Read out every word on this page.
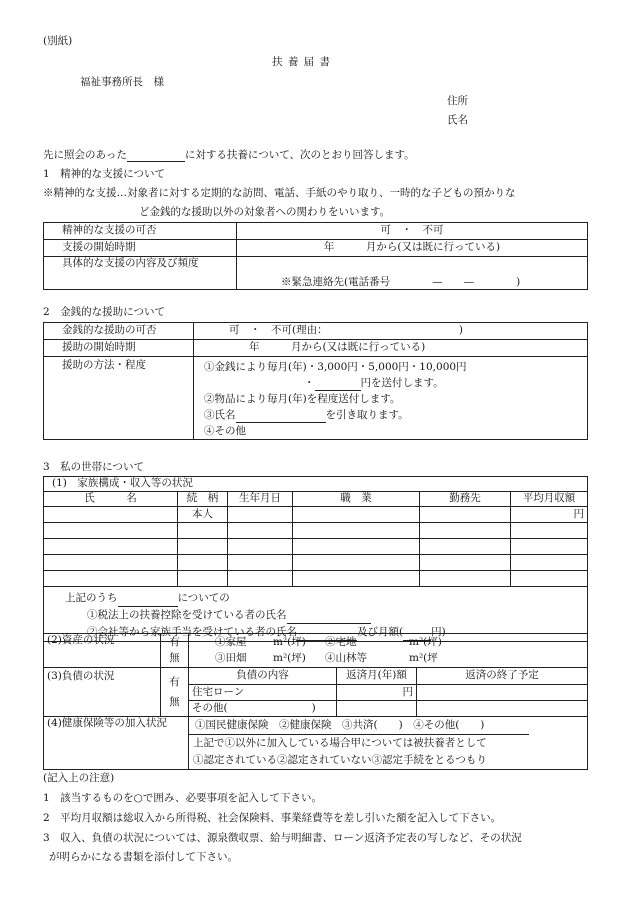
(別紙)
扶 養 届 書
福祉事務所長　様
住所
氏名
先に照会のあった	に対する扶養について、次のとおり回答します。
1　精神的な支援について
※精神的な支援…対象者に対する定期的な訪問、電話、手紙のやり取り、一時的な子どもの預かりな
ど金銭的な援助以外の対象者への関わりをいいます。
精神的な支援の可否	可　・　不可
支援の開始時期	年　　　月から(又は既に行っている)
具体的な支援の内容及び頻度	※緊急連絡先(電話番号　　　　—　　—　　　　)
2　金銭的な援助について
金銭的な援助の可否	可　・　不可(理由：　　　　　　　　　　　　　)
援助の開始時期	年　　　月から(又は既に行っている)
援助の方法・程度	①金銭により毎月(年)・3,000円・5,000円・10,000円
・ 円を送付します。
②物品により毎月(年)を程度送付します。
③氏名 を引き取ります。
④その他
3　私の世帯について
(1)　家族構成・収入等の状況					
氏　　　名	続　柄	生年月日	職　業	勤務先	平均月収額
	本人				円

上記のうち についての
①税法上の扶養控除を受けている者の氏名
②会社等から家族手当を受けている者の氏名 及び月額( 円)					
(2)資産の状況	有	①家屋 m²(坪) ②宅地 m²(坪)		
	無	③田畑 m²(坪) ④山林等 m²(坪		
(3)負債の状況	有
無	負債の内容	返済月(年)額	返済の終了予定
		住宅ローン	円	
		その他(　　　　　　　　)		
(4)健康保険等の加入状況		①国民健康保険　②健康保険　③共済(　　)　④その他(　　)
上記で①以外に加入している場合甲については被扶養者として
①認定されている②認定されていない③認定手続をとるつもり		
(記入上の注意)
1　該当するものを○で囲み、必要事項を記入して下さい。
2　平均月収額は総収入から所得税、社会保険料、事業経費等を差し引いた額を記入して下さい。
3　収入、負債の状況については、源泉徴収票、給与明細書、ローン返済予定表の写しなど、その状況
が明らかになる書類を添付して下さい。
